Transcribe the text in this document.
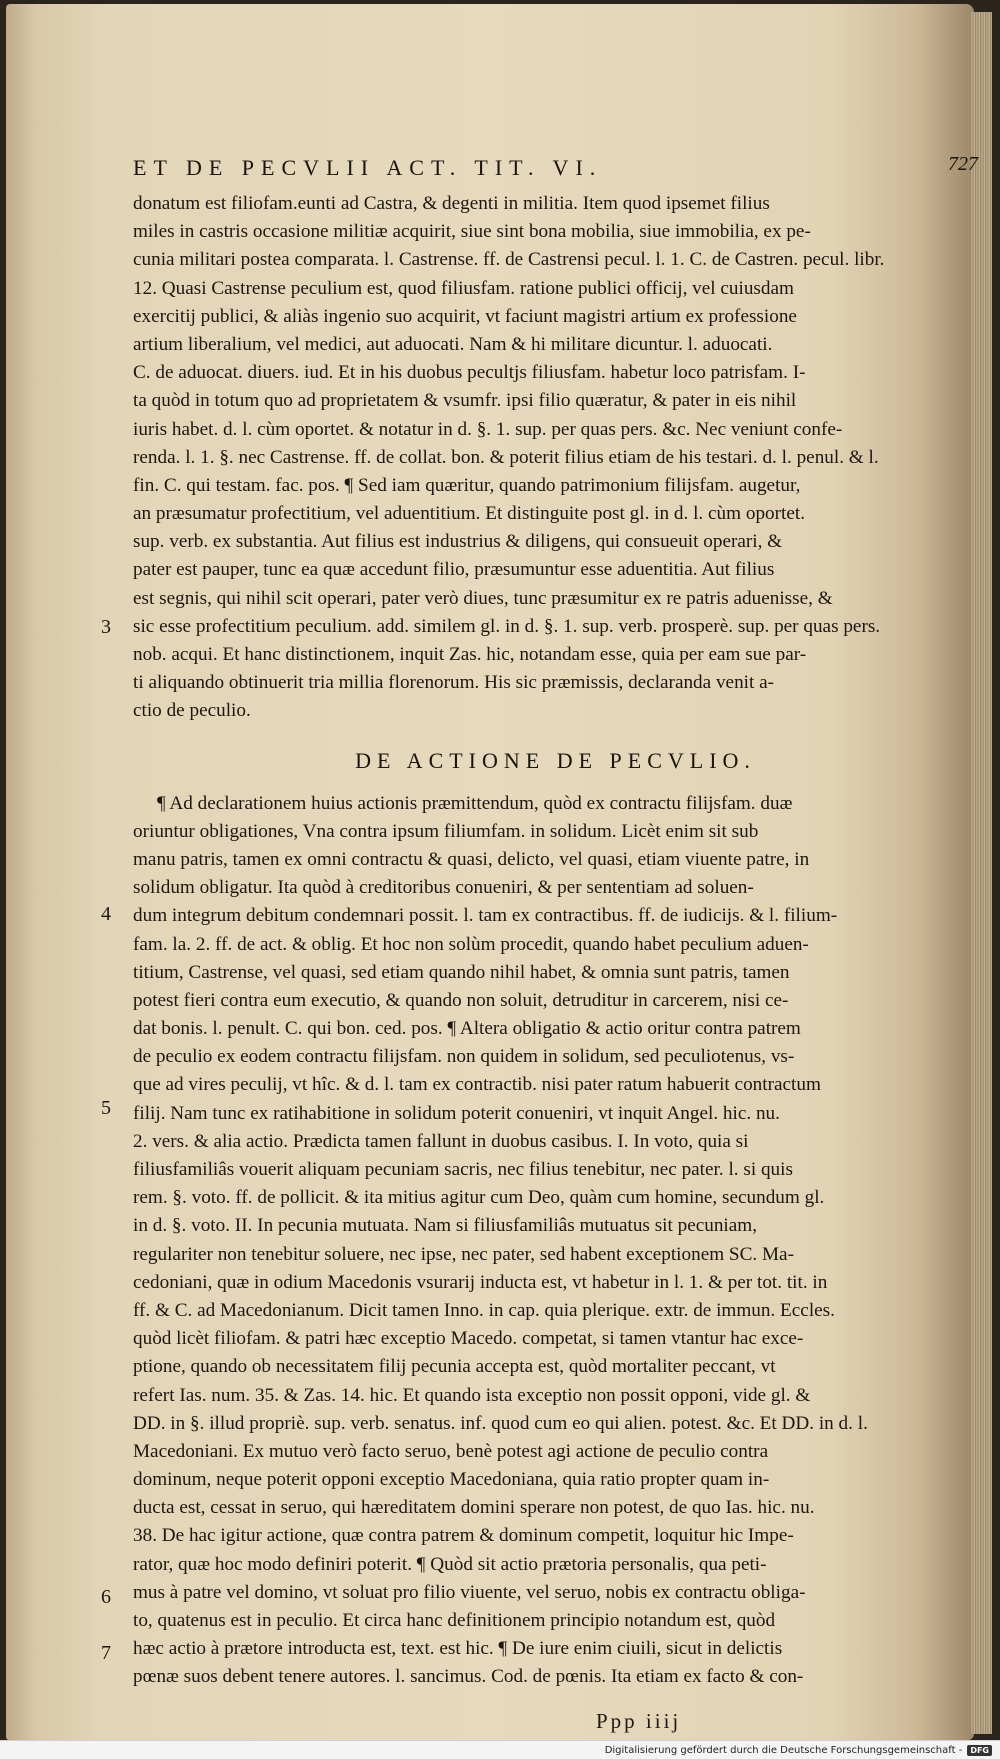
ET DE PECVLII ACT. TIT. VI.	727
donatum est filiofam.eunti ad Castra, & degenti in militia. Item quod ipsemet filius
miles in castris occasione militiæ acquirit, siue sint bona mobilia, siue immobilia, ex pe-
cunia militari postea comparata. l. Castrense. ff. de Castrensi pecul. l. 1. C. de Castren. pecul. libr.
12. Quasi Castrense peculium est, quod filiusfam. ratione publici officij, vel cuiusdam
exercitij publici, & aliàs ingenio suo acquirit, vt faciunt magistri artium ex professione
artium liberalium, vel medici, aut aduocati. Nam & hi militare dicuntur. l. aduocati.
C. de aduocat. diuers. iud. Et in his duobus pecultjs filiusfam. habetur loco patrisfam. I-
ta quòd in totum quo ad proprietatem & vsumfr. ipsi filio quæratur, & pater in eis nihil
iuris habet. d. l. cùm oportet. & notatur in d. §. 1. sup. per quas pers. &c. Nec veniunt confe-
renda. l. 1. §. nec Castrense. ff. de collat. bon. & poterit filius etiam de his testari. d. l. penul. & l.
fin. C. qui testam. fac. pos. ¶ Sed iam quæritur, quando patrimonium filijsfam. augetur,
an præsumatur profectitium, vel aduentitium. Et distinguite post gl. in d. l. cùm oportet.
sup. verb. ex substantia. Aut filius est industrius & diligens, qui consueuit operari, &
pater est pauper, tunc ea quæ accedunt filio, præsumuntur esse aduentitia. Aut filius
est segnis, qui nihil scit operari, pater verò diues, tunc præsumitur ex re patris aduenisse, &
sic esse profectitium peculium. add. similem gl. in d. §. 1. sup. verb. prosperè. sup. per quas pers.
nob. acqui. Et hanc distinctionem, inquit Zas. hic, notandam esse, quia per eam sue par-
ti aliquando obtinuerit tria millia florenorum. His sic præmissis, declaranda venit a-
ctio de peculio.
DE ACTIONE DE PECVLIO.
¶ Ad declarationem huius actionis præmittendum, quòd ex contractu filijsfam. duæ
oriuntur obligationes, Vna contra ipsum filiumfam. in solidum. Licèt enim sit sub
manu patris, tamen ex omni contractu & quasi, delicto, vel quasi, etiam viuente patre, in
solidum obligatur. Ita quòd à creditoribus conueniri, & per sententiam ad soluen-
dum integrum debitum condemnari possit. l. tam ex contractibus. ff. de iudicijs. & l. filium-
fam. la. 2. ff. de act. & oblig. Et hoc non solùm procedit, quando habet peculium aduen-
titium, Castrense, vel quasi, sed etiam quando nihil habet, & omnia sunt patris, tamen
potest fieri contra eum executio, & quando non soluit, detruditur in carcerem, nisi ce-
dat bonis. l. penult. C. qui bon. ced. pos. ¶ Altera obligatio & actio oritur contra patrem
de peculio ex eodem contractu filijsfam. non quidem in solidum, sed peculiotenus, vs-
que ad vires peculij, vt hîc. & d. l. tam ex contractib. nisi pater ratum habuerit contractum
filij. Nam tunc ex ratihabitione in solidum poterit conueniri, vt inquit Angel. hic. nu.
2. vers. & alia actio. Prædicta tamen fallunt in duobus casibus. I. In voto, quia si
filiusfamiliâs vouerit aliquam pecuniam sacris, nec filius tenebitur, nec pater. l. si quis
rem. §. voto. ff. de pollicit. & ita mitius agitur cum Deo, quàm cum homine, secundum gl.
in d. §. voto. II. In pecunia mutuata. Nam si filiusfamiliâs mutuatus sit pecuniam,
regulariter non tenebitur soluere, nec ipse, nec pater, sed habent exceptionem SC. Ma-
cedoniani, quæ in odium Macedonis vsurarij inducta est, vt habetur in l. 1. & per tot. tit. in
ff. & C. ad Macedonianum. Dicit tamen Inno. in cap. quia plerique. extr. de immun. Eccles.
quòd licèt filiofam. & patri hæc exceptio Macedo. competat, si tamen vtantur hac exce-
ptione, quando ob necessitatem filij pecunia accepta est, quòd mortaliter peccant, vt
refert Ias. num. 35. & Zas. 14. hic. Et quando ista exceptio non possit opponi, vide gl. &
DD. in §. illud propriè. sup. verb. senatus. inf. quod cum eo qui alien. potest. &c. Et DD. in d. l.
Macedoniani. Ex mutuo verò facto seruo, benè potest agi actione de peculio contra
dominum, neque poterit opponi exceptio Macedoniana, quia ratio propter quam in-
ducta est, cessat in seruo, qui hæreditatem domini sperare non potest, de quo Ias. hic. nu.
38. De hac igitur actione, quæ contra patrem & dominum competit, loquitur hic Impe-
rator, quæ hoc modo definiri poterit. ¶ Quòd sit actio prætoria personalis, qua peti-
mus à patre vel domino, vt soluat pro filio viuente, vel seruo, nobis ex contractu obliga-
to, quatenus est in peculio. Et circa hanc definitionem principio notandum est, quòd
hæc actio à prætore introducta est, text. est hic. ¶ De iure enim ciuili, sicut in delictis
pœnæ suos debent tenere autores. l. sancimus. Cod. de pœnis. Ita etiam ex facto & con-
3
4
5
6
7
Ppp iiij
Digitalisierung gefördert durch die Deutsche Forschungsgemeinschaft -	DFG
